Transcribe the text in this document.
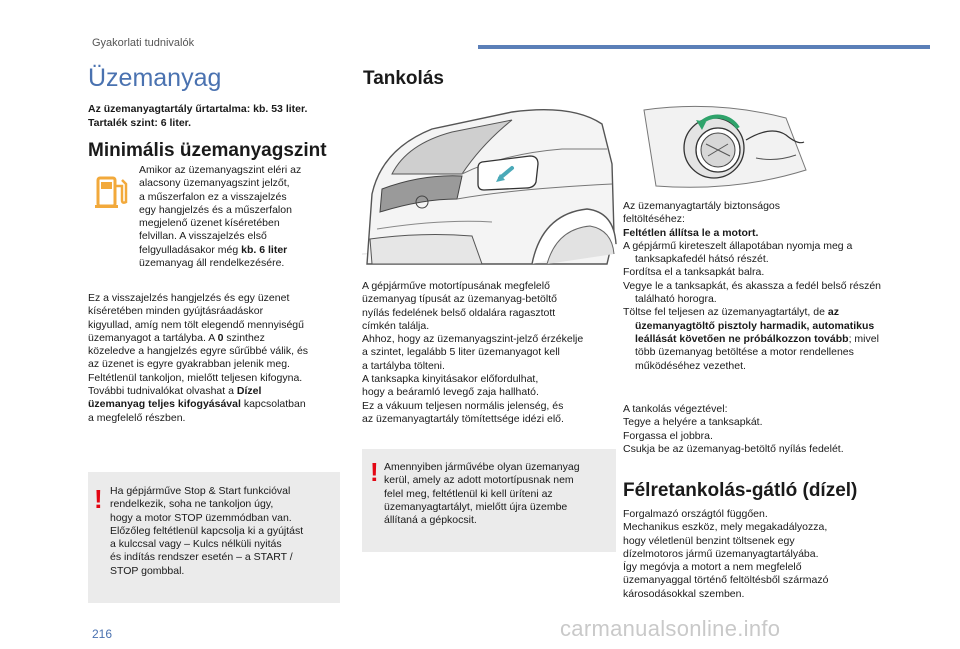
Gyakorlati tudnivalók
Üzemanyag
Az üzemanyagtartály űrtartalma: kb. 53 liter.
Tartalék szint: 6 liter.
Minimális üzemanyagszint
Amikor az üzemanyagszint eléri az
alacsony üzemanyagszint jelzőt,
a műszerfalon ez a visszajelzés
egy hangjelzés és a műszerfalon
megjelenő üzenet kíséretében
felvillan. A visszajelzés első
felgyulladásakor még kb. 6 liter
üzemanyag áll rendelkezésére.
Ez a visszajelzés hangjelzés és egy üzenet
kíséretében minden gyújtásráadáskor
kigyullad, amíg nem tölt elegendő mennyiségű
üzemanyagot a tartályba. A 0 szinthez
közeledve a hangjelzés egyre sűrűbbé válik, és
az üzenet is egyre gyakrabban jelenik meg.
Feltétlenül tankoljon, mielőtt teljesen kifogyna.
További tudnivalókat olvashat a Dízel
üzemanyag teljes kifogyásával kapcsolatban
a megfelelő részben.
! Ha gépjárműve Stop & Start funkcióval
rendelkezik, soha ne tankoljon úgy,
hogy a motor STOP üzemmódban van.
Előzőleg feltétlenül kapcsolja ki a gyújtást
a kulccsal vagy – Kulcs nélküli nyitás
és indítás rendszer esetén – a START /
STOP gombbal.
Tankolás
A gépjárműve motortípusának megfelelő
üzemanyag típusát az üzemanyag-betöltő
nyílás fedelének belső oldalára ragasztott
címkén találja.
Ahhoz, hogy az üzemanyagszint-jelző érzékelje
a szintet, legalább 5 liter üzemanyagot kell
a tartályba tölteni.
A tanksapka kinyitásakor előfordulhat,
hogy a beáramló levegő zaja hallható.
Ez a vákuum teljesen normális jelenség, és
az üzemanyagtartály tömítettsége idézi elő.
! Amennyiben járművébe olyan üzemanyag
kerül, amely az adott motortípusnak nem
felel meg, feltétlenül ki kell üríteni az
üzemanyagtartályt, mielőtt újra üzembe
állítaná a gépkocsit.
Az üzemanyagtartály biztonságos
feltöltéséhez:
Feltétlen állítsa le a motort.
A gépjármű kireteszelt állapotában nyomja meg a tanksapkafedél hátsó részét.
Fordítsa el a tanksapkát balra.
Vegye le a tanksapkát, és akassza a fedél belső részén található horogra.
Töltse fel teljesen az üzemanyagtartályt, de az üzemanyagtöltő pisztoly harmadik, automatikus leállását követően ne próbálkozzon tovább; mivel több üzemanyag betöltése a motor rendellenes működéséhez vezethet.
A tankolás végeztével:
Tegye a helyére a tanksapkát.
Forgassa el jobbra.
Csukja be az üzemanyag-betöltő nyílás fedelét.
Félretankolás-gátló (dízel)
Forgalmazó országtól függően.
Mechanikus eszköz, mely megakadályozza,
hogy véletlenül benzint töltsenek egy
dízelmotoros jármű üzemanyagtartályába.
Így megóvja a motort a nem megfelelő
üzemanyaggal történő feltöltésből származó
károsodásokkal szemben.
216	carmanualsonline.info
